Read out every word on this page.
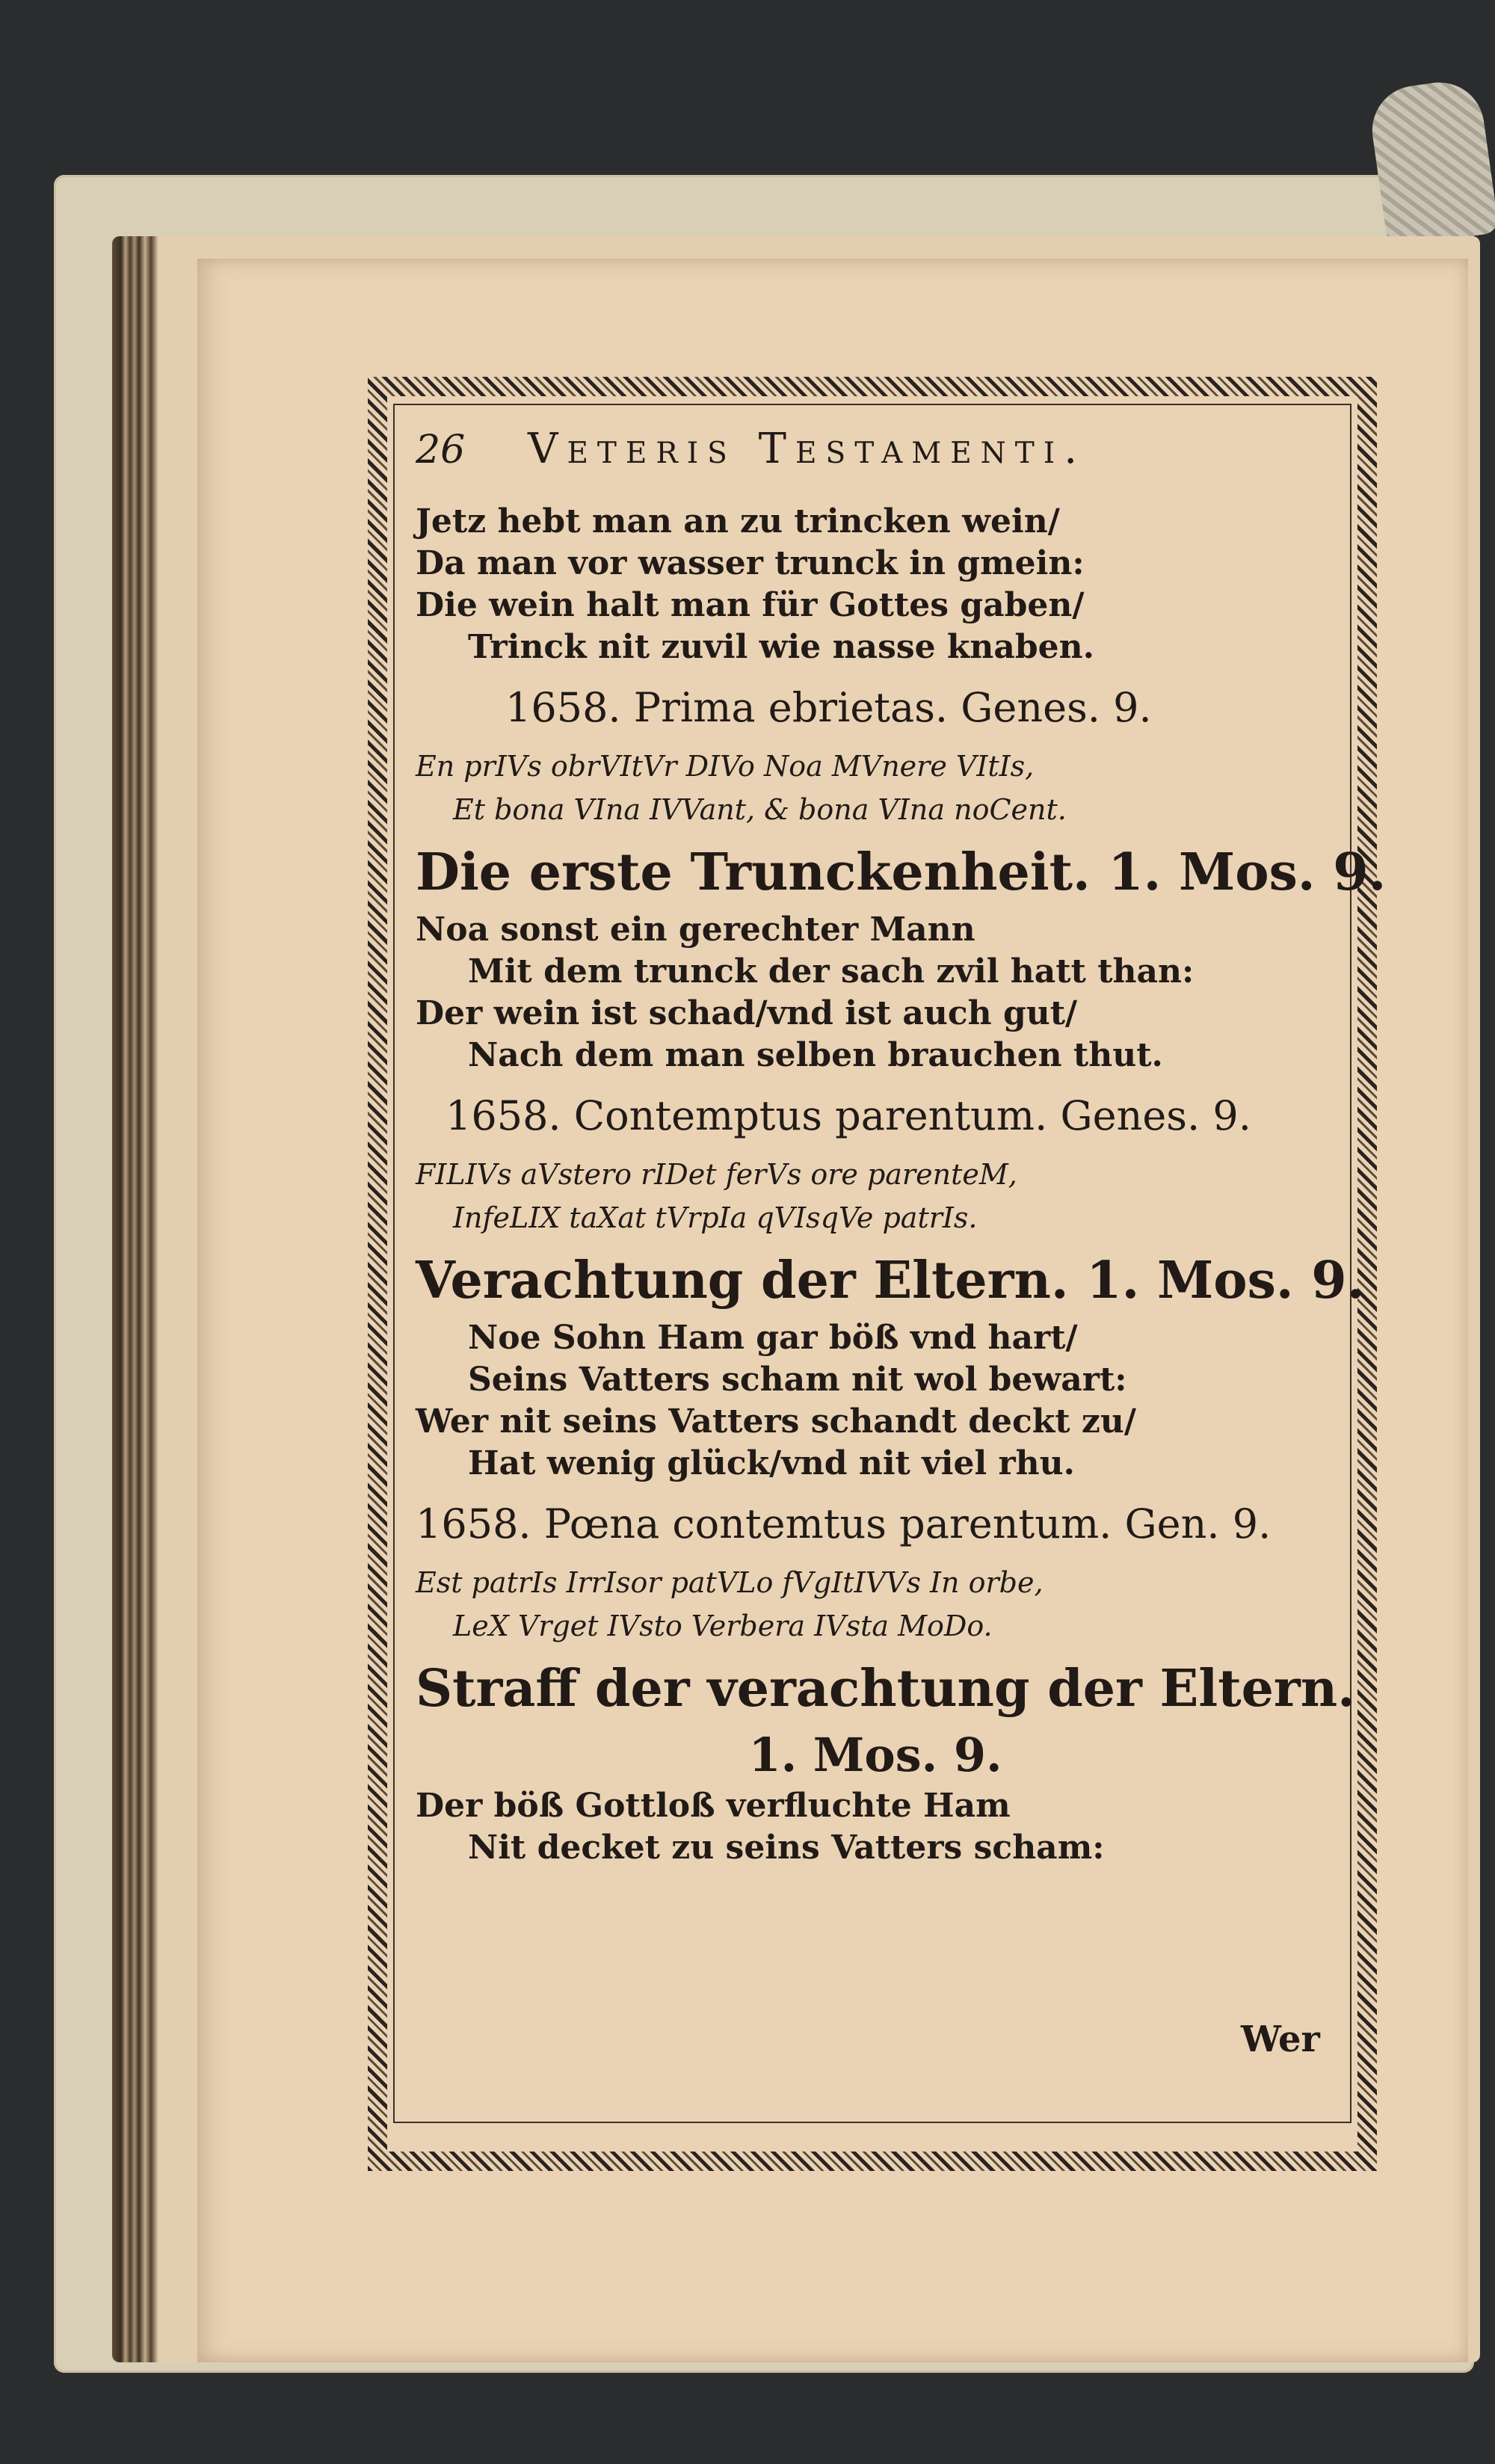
26	Veteris Testamenti.
Jetz hebt man an zu trincken wein/
Da man vor wasser trunck in gmein:
Die wein halt man für Gottes gaben/
Trinck nit zuvil wie nasse knaben.
1658. Prima ebrietas. Genes. 9.
En prIVs obrVItVr DIVo Noa MVnere VItIs,
Et bona VIna IVVant, & bona VIna noCent.
Die erste Trunckenheit. 1. Mos. 9.
Noa sonst ein gerechter Mann
Mit dem trunck der sach zvil hatt than:
Der wein ist schad/vnd ist auch gut/
Nach dem man selben brauchen thut.
1658. Contemptus parentum. Genes. 9.
FILIVs aVstero rIDet ferVs ore parenteM,
InfeLIX taXat tVrpIa qVIsqVe patrIs.
Verachtung der Eltern. 1. Mos. 9.
Noe Sohn Ham gar böß vnd hart/
Seins Vatters scham nit wol bewart:
Wer nit seins Vatters schandt deckt zu/
Hat wenig glück/vnd nit viel rhu.
1658. Pœna contemtus parentum. Gen. 9.
Est patrIs IrrIsor patVLo fVgItIVVs In orbe,
LeX Vrget IVsto Verbera IVsta MoDo.
Straff der verachtung der Eltern.
1. Mos. 9.
Der böß Gottloß verfluchte Ham
Nit decket zu seins Vatters scham:
Wer
